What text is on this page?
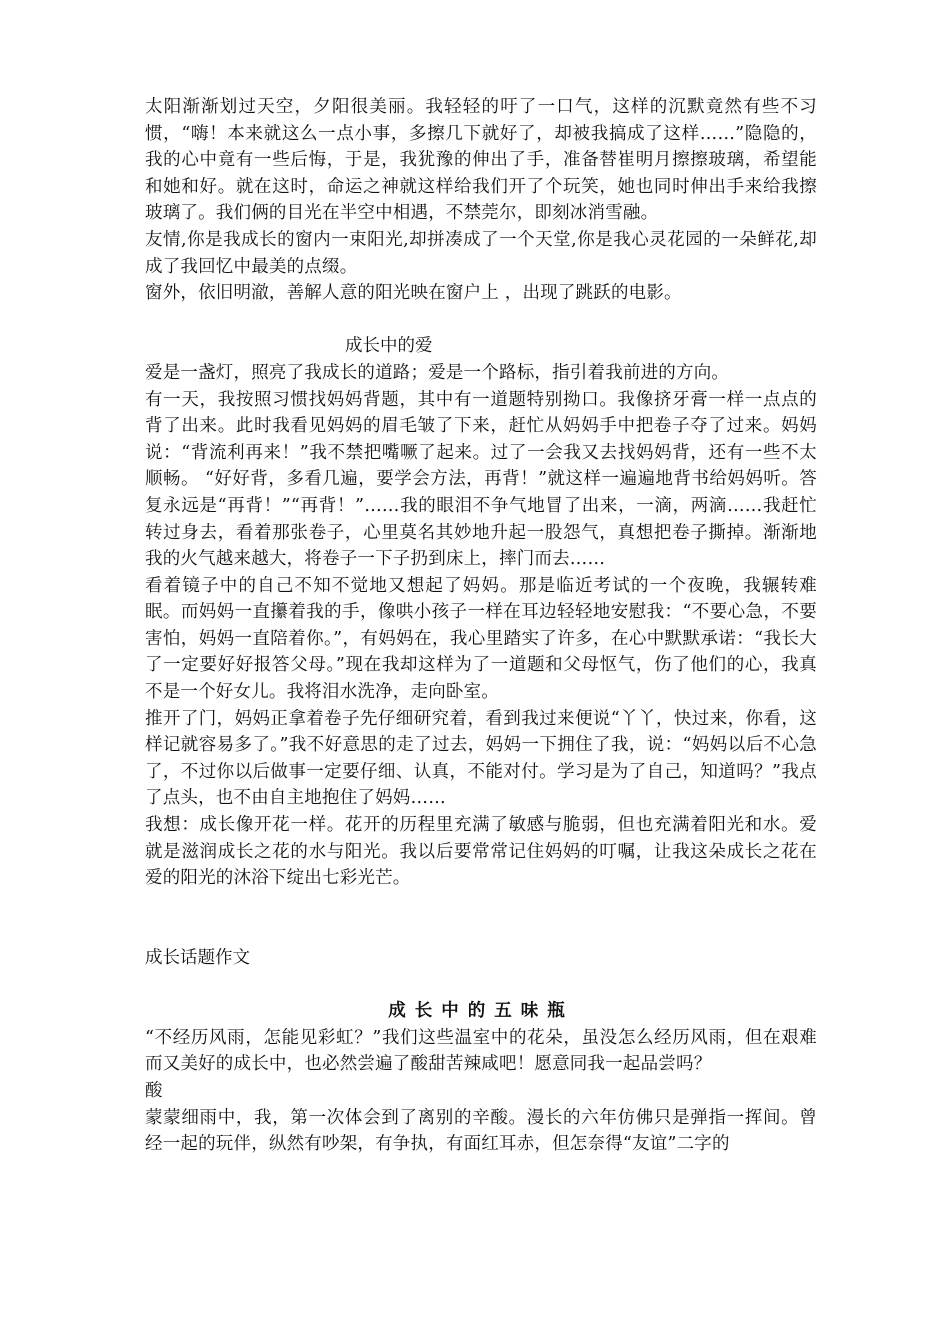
太阳渐渐划过天空，夕阳很美丽。我轻轻的吁了一口气，这样的沉默竟然有些不习惯，“嗨！本来就这么一点小事，多擦几下就好了，却被我搞成了这样……”隐隐的，我的心中竟有一些后悔，于是，我犹豫的伸出了手，准备替崔明月擦擦玻璃，希望能和她和好。就在这时，命运之神就这样给我们开了个玩笑，她也同时伸出手来给我擦玻璃了。我们俩的目光在半空中相遇，不禁莞尔，即刻冰消雪融。

友情,你是我成长的窗内一束阳光,却拼凑成了一个天堂,你是我心灵花园的一朵鲜花,却成了我回忆中最美的点缀。

窗外，依旧明澈，善解人意的阳光映在窗户上 ，出现了跳跃的电影。

成长中的爱

爱是一盏灯，照亮了我成长的道路；爱是一个路标，指引着我前进的方向。

有一天，我按照习惯找妈妈背题，其中有一道题特别拗口。我像挤牙膏一样一点点的背了出来。此时我看见妈妈的眉毛皱了下来，赶忙从妈妈手中把卷子夺了过来。妈妈说：“背流利再来！”我不禁把嘴噘了起来。过了一会我又去找妈妈背，还有一些不太顺畅。 “好好背，多看几遍，要学会方法，再背！”就这样一遍遍地背书给妈妈听。答复永远是“再背！”“再背！”……我的眼泪不争气地冒了出来，一滴，两滴……我赶忙转过身去，看着那张卷子，心里莫名其妙地升起一股怨气，真想把卷子撕掉。渐渐地我的火气越来越大，将卷子一下子扔到床上，摔门而去……

看着镜子中的自己不知不觉地又想起了妈妈。那是临近考试的一个夜晚，我辗转难眠。而妈妈一直攥着我的手，像哄小孩子一样在耳边轻轻地安慰我：“不要心急，不要害怕，妈妈一直陪着你。”，有妈妈在，我心里踏实了许多，在心中默默承诺：“我长大了一定要好好报答父母。”现在我却这样为了一道题和父母怄气，伤了他们的心，我真不是一个好女儿。我将泪水洗净，走向卧室。

推开了门，妈妈正拿着卷子先仔细研究着，看到我过来便说“丫丫，快过来，你看，这样记就容易多了。”我不好意思的走了过去，妈妈一下拥住了我，说：“妈妈以后不心急了，不过你以后做事一定要仔细、认真，不能对付。学习是为了自己，知道吗？”我点了点头，也不由自主地抱住了妈妈……

我想：成长像开花一样。花开的历程里充满了敏感与脆弱，但也充满着阳光和水。爱就是滋润成长之花的水与阳光。我以后要常常记住妈妈的叮嘱，让我这朵成长之花在爱的阳光的沐浴下绽出七彩光芒。

成长话题作文

成长中的五味瓶

“不经历风雨，怎能见彩虹？”我们这些温室中的花朵，虽没怎么经历风雨，但在艰难而又美好的成长中，也必然尝遍了酸甜苦辣咸吧！愿意同我一起品尝吗？

酸

蒙蒙细雨中，我，第一次体会到了离别的辛酸。漫长的六年仿佛只是弹指一挥间。曾经一起的玩伴，纵然有吵架，有争执，有面红耳赤，但怎奈得“友谊”二字的
